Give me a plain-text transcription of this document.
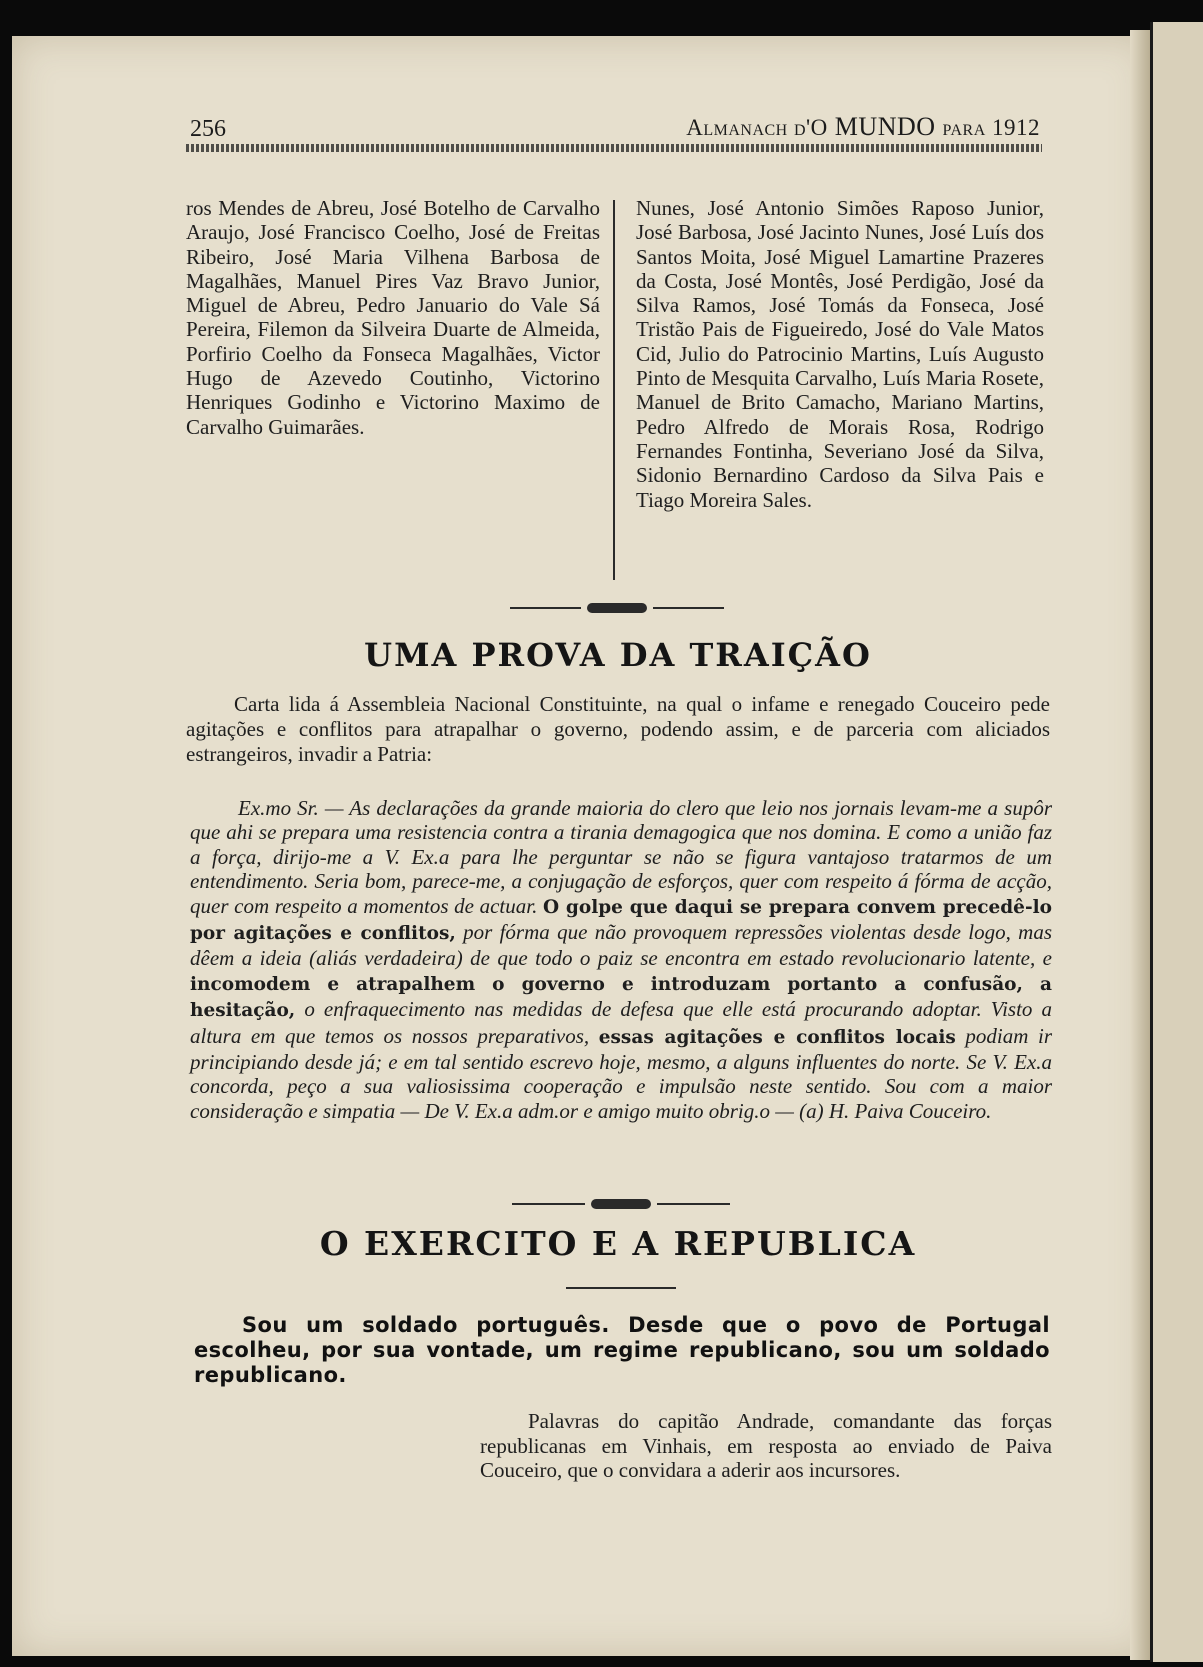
256	Almanach d'O MUNDO para 1912
ros Mendes de Abreu, José Botelho de Carvalho Araujo, José Francisco Coelho, José de Freitas Ribeiro, José Maria Vilhena Barbosa de Magalhães, Manuel Pires Vaz Bravo Junior, Miguel de Abreu, Pedro Januario do Vale Sá Pereira, Filemon da Silveira Duarte de Almeida, Porfirio Coelho da Fonseca Magalhães, Victor Hugo de Azevedo Coutinho, Victorino Henriques Godinho e Victorino Maximo de Carvalho Guimarães.
Nunes, José Antonio Simões Raposo Junior, José Barbosa, José Jacinto Nunes, José Luís dos Santos Moita, José Miguel Lamartine Prazeres da Costa, José Montês, José Perdigão, José da Silva Ramos, José Tomás da Fonseca, José Tristão Pais de Figueiredo, José do Vale Matos Cid, Julio do Patrocinio Martins, Luís Augusto Pinto de Mesquita Carvalho, Luís Maria Rosete, Manuel de Brito Camacho, Mariano Martins, Pedro Alfredo de Morais Rosa, Rodrigo Fernandes Fontinha, Severiano José da Silva, Sidonio Bernardino Cardoso da Silva Pais e Tiago Moreira Sales.
UMA PROVA DA TRAIÇÃO
Carta lida á Assembleia Nacional Constituinte, na qual o infame e renegado Couceiro pede agitações e conflitos para atrapalhar o governo, podendo assim, e de parceria com aliciados estrangeiros, invadir a Patria:
Ex.mo Sr. — As declarações da grande maioria do clero que leio nos jornais levam-me a supôr que ahi se prepara uma resistencia contra a tirania demagogica que nos domina. E como a união faz a força, dirijo-me a V. Ex.a para lhe perguntar se não se figura vantajoso tratarmos de um entendimento. Seria bom, parece-me, a conjugação de esforços, quer com respeito á fórma de acção, quer com respeito a momentos de actuar. O golpe que daqui se prepara convem precedê-lo por agitações e conflitos, por fórma que não provoquem repressões violentas desde logo, mas dêem a ideia (aliás verdadeira) de que todo o paiz se encontra em estado revolucionario latente, e incomodem e atrapalhem o governo e introduzam portanto a confusão, a hesitação, o enfraquecimento nas medidas de defesa que elle está procurando adoptar. Visto a altura em que temos os nossos preparativos, essas agitações e conflitos locais podiam ir principiando desde já; e em tal sentido escrevo hoje, mesmo, a alguns influentes do norte. Se V. Ex.a concorda, peço a sua valiosissima cooperação e impulsão neste sentido. Sou com a maior consideração e simpatia — De V. Ex.a adm.or e amigo muito obrig.o — (a) H. Paiva Couceiro.
O EXERCITO E A REPUBLICA
Sou um soldado português. Desde que o povo de Portugal escolheu, por sua vontade, um regime republicano, sou um soldado republicano.
Palavras do capitão Andrade, comandante das forças republicanas em Vinhais, em resposta ao enviado de Paiva Couceiro, que o convidara a aderir aos incursores.
